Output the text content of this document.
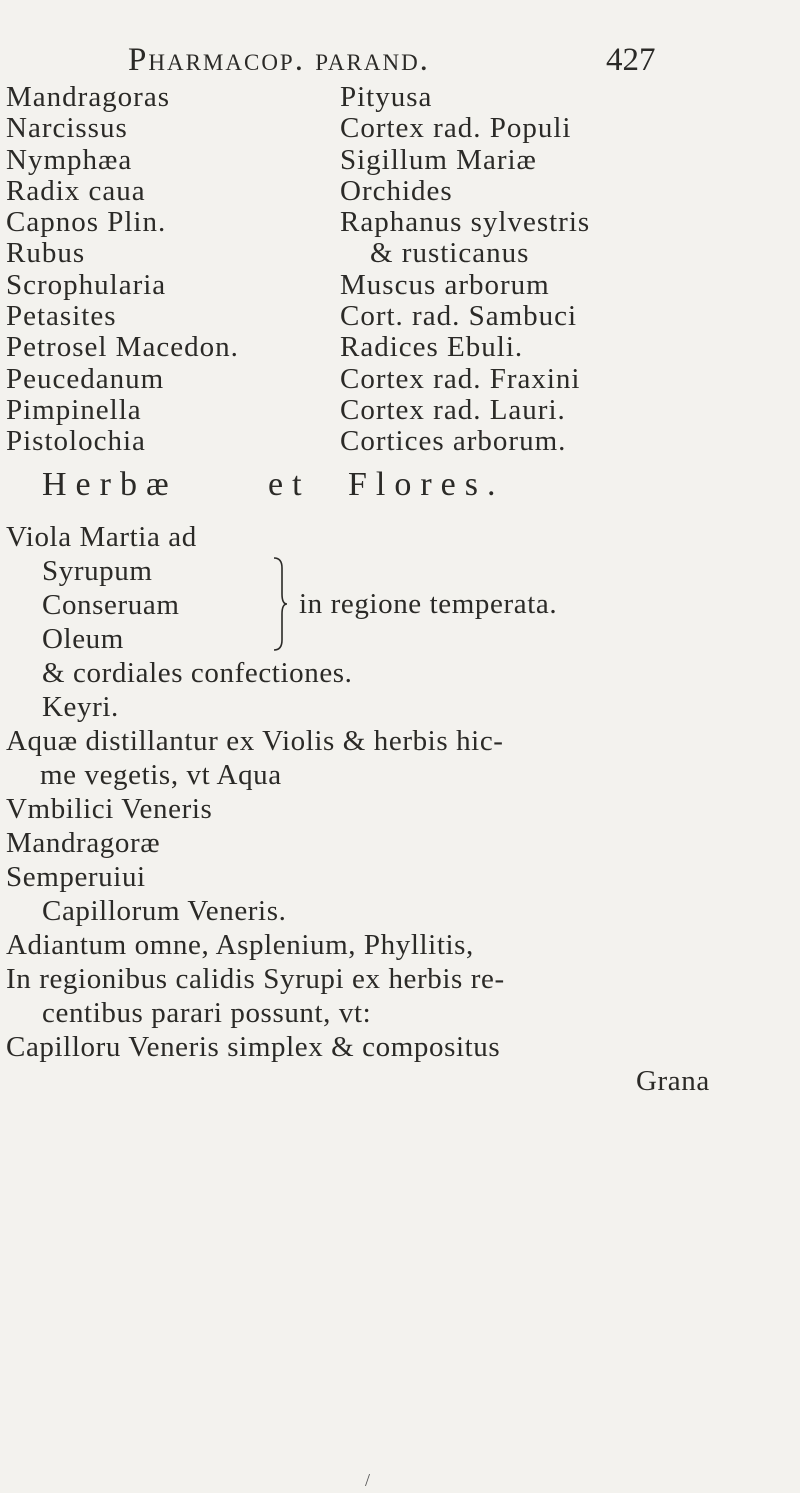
Pharmacop. parand.	427
Mandragoras
Narcissus
Nymphæa
Radix caua
Capnos Plin.
Rubus
Scrophularia
Petasites
Petrosel Macedon.
Peucedanum
Pimpinella
Pistolochia
Pityusa
Cortex rad. Populi
Sigillum Mariæ
Orchides
Raphanus sylvestris
& rusticanus
Muscus arborum
Cort. rad. Sambuci
Radices Ebuli.
Cortex rad. Fraxini
Cortex rad. Lauri.
Cortices arborum.
Herbæ	et Flores.
Viola Martia ad
Syrupum
Conseruam
Oleum
in regione temperata.
& cordiales confectiones.
Keyri.
Aquæ distillantur ex Violis & herbis hic-
me vegetis, vt Aqua
Vmbilici Veneris
Mandragoræ
Semperuiui
Capillorum Veneris.
Adiantum omne, Asplenium, Phyllitis,
In regionibus calidis Syrupi ex herbis re-
centibus parari possunt, vt:
Capilloru Veneris simplex & compositus
Grana
/
